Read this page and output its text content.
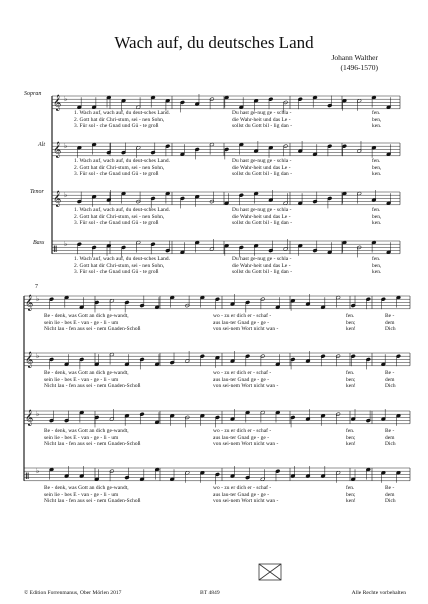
Wach auf, du deutsches Land
Johann Walther
(1496-1570)
Sopran
Alt
Tenor
Bass
7
𝄞 ♭
𝄞 ♭
𝄞 ♭
Ⅱ
♭
𝄞 ♭
𝄞 ♭
𝄞 ♭
Ⅱ
♭
1. Wach auf, wach auf, du deut-sches Land.	Du hast ge-nug ge - schla -	fen.
2. Gott hat dir Chri-stum, sei - nen Sohn,	die Wahr-heit und das Le -	ben,
3. Für sol - che Gnad und Gü - te groß	sollst du Gott bil - lig dan -	ken.
1. Wach auf, wach auf, du deut-sches Land.	Du hast ge-nug ge - schla -	fen.
2. Gott hat dir Chri-stum, sei - nen Sohn,	die Wahr-heit und das Le -	ben,
3. Für sol - che Gnad und Gü - te groß	sollst du Gott bil - lig dan -	ken.
1. Wach auf, wach auf, du deut-sches Land.	Du hast ge-nug ge - schla -	fen.
2. Gott hat dir Chri-stum, sei - nen Sohn,	die Wahr-heit und das Le -	ben,
3. Für sol - che Gnad und Gü - te groß	sollst du Gott bil - lig dan -	ken.
1. Wach auf, wach auf, du deut-sches Land.	Du hast ge-nug ge - schla -	fen.
2. Gott hat dir Chri-stum, sei - nen Sohn,	die Wahr-heit und das Le -	ben,
3. Für sol - che Gnad und Gü - te groß	sollst du Gott bil - lig dan -	ken.
Be - denk, was Gott an dich ge-wandt,	wo - zu er dich er - schaf -	fen.	Be -
sein lie - bes E - van - ge - li - um	aus lau-ter Gnad ge - ge -	ben;	dem
Nicht lau - fen aus sei - nem Gnaden-Schoß	von sei-nem Wort nicht wan -	ken!	Dich
Be - denk, was Gott an dich ge-wandt,	wo - zu er dich er - schaf -	fen.	Be -
sein lie - bes E - van - ge - li - um	aus lau-ter Gnad ge - ge -	ben;	dem
Nicht lau - fen aus sei - nem Gnaden-Schoß	von sei-nem Wort nicht wan -	ken!	Dich
Be - denk, was Gott an dich ge-wandt,	wo - zu er dich er - schaf -	fen.	Be -
sein lie - bes E - van - ge - li - um	aus lau-ter Gnad ge - ge -	ben;	dem
Nicht lau - fen aus sei - nem Gnaden-Schoß	von sei-nem Wort nicht wan -	ken!	Dich
Be - denk, was Gott an dich ge-wandt,	wo - zu er dich er - schaf -	fen.	Be -
sein lie - bes E - van - ge - li - um	aus lau-ter Gnad ge - ge -	ben;	dem
Nicht lau - fen aus sei - nem Gnaden-Schoß	von sei-nem Wort nicht wan -	ken!	Dich
© Edition Forrenmanus, Ober Mörlen 2017	BT 4849	Alle Rechte vorbehalten
